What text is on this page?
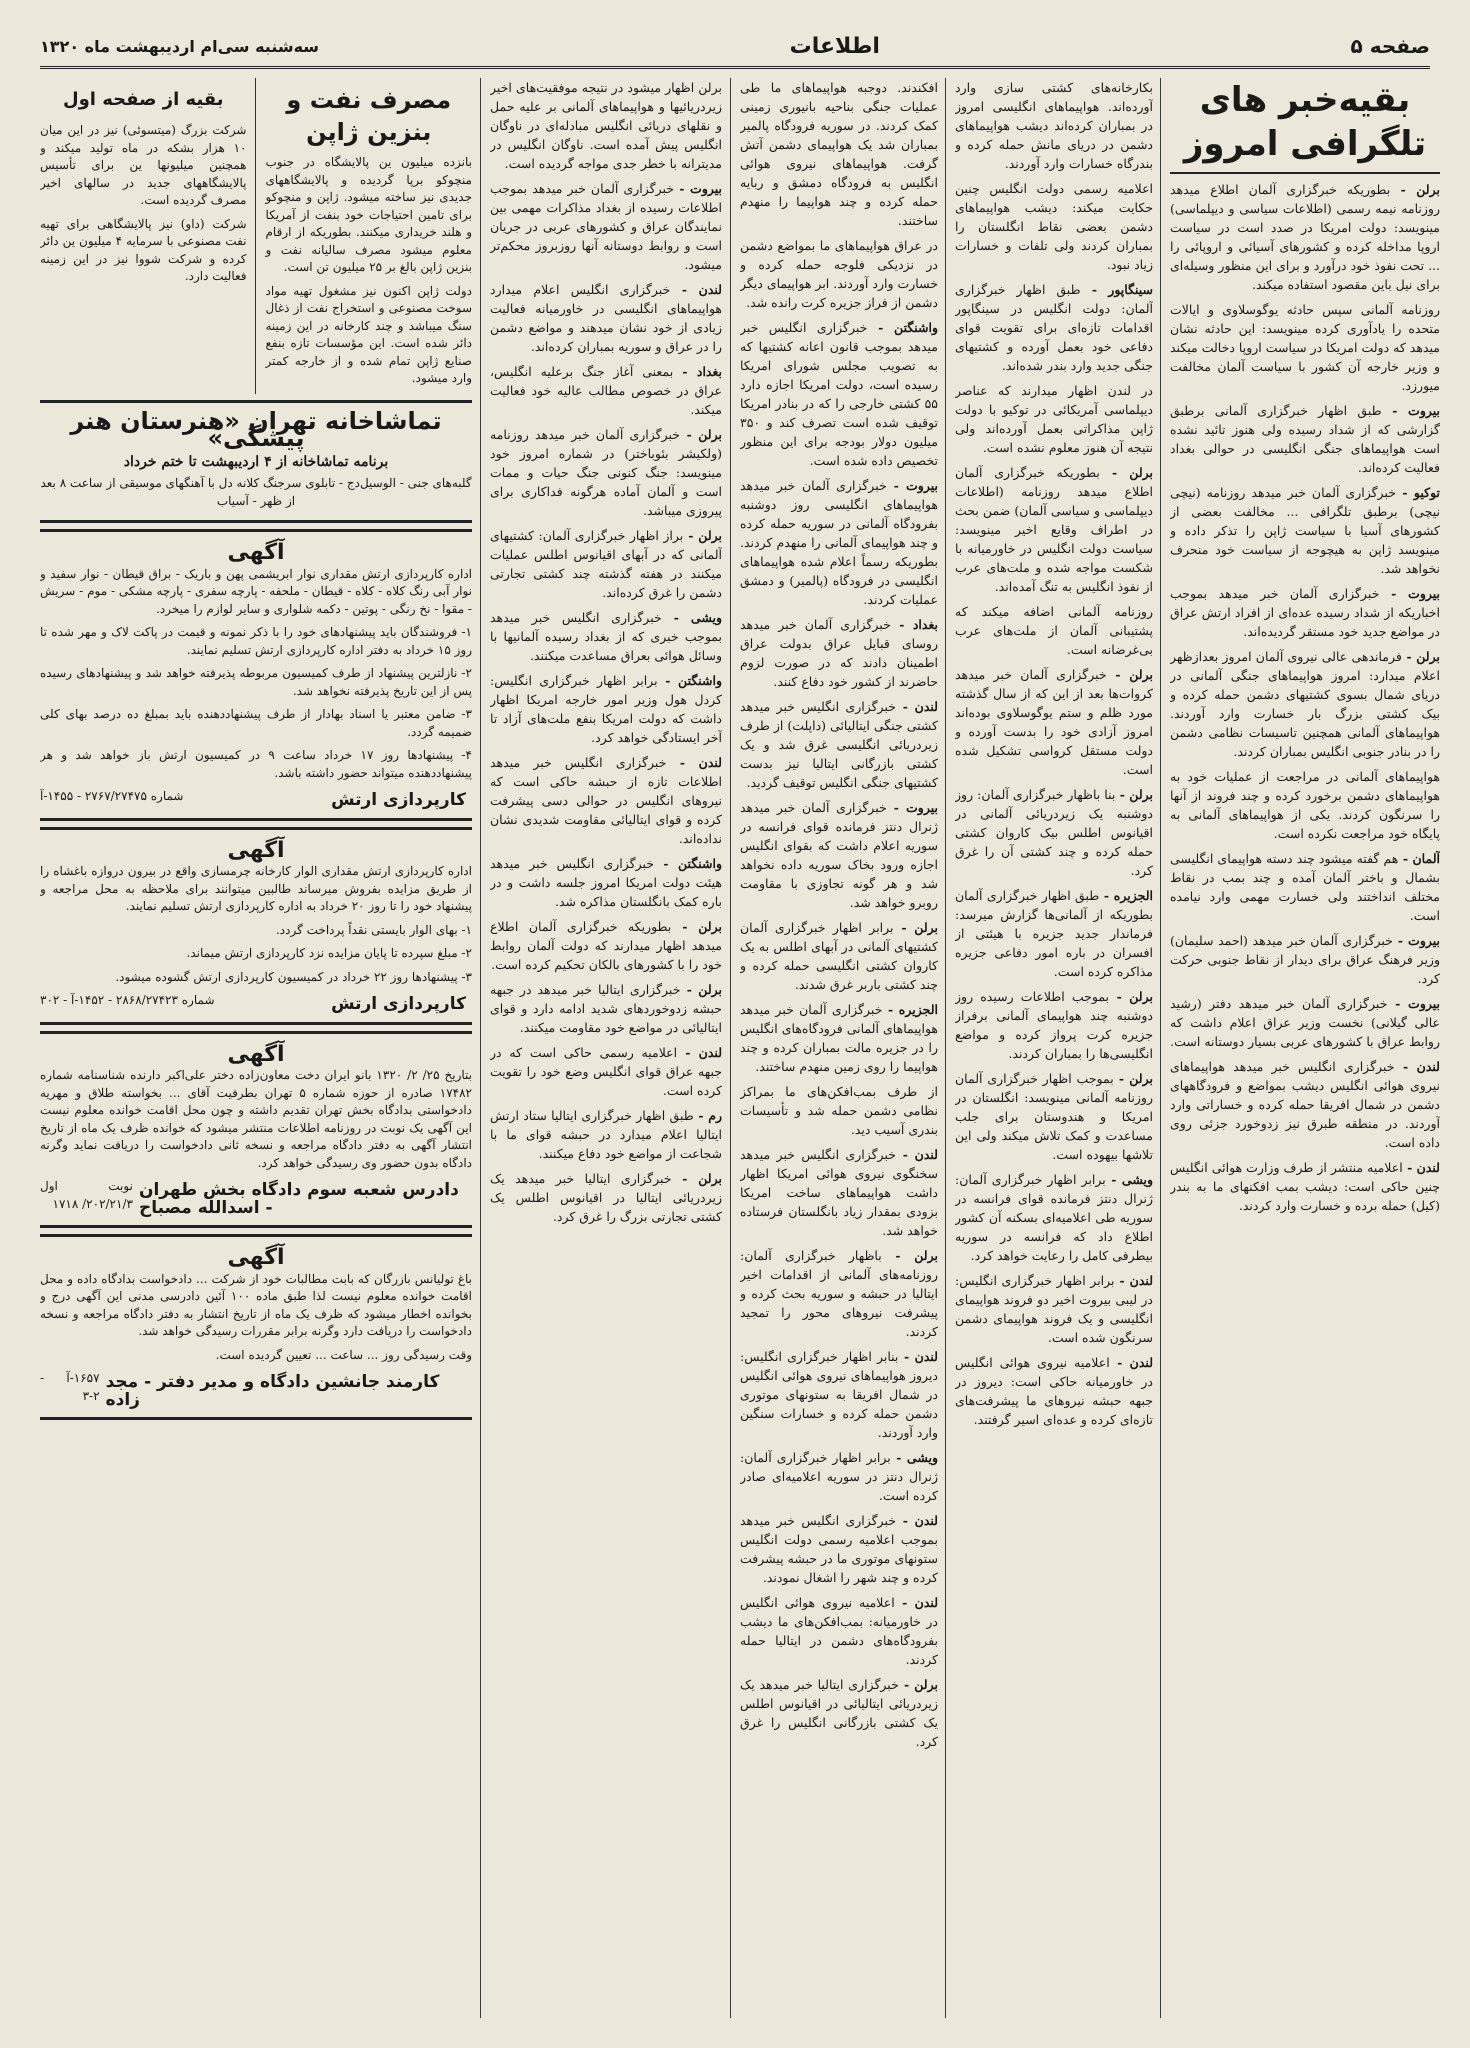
صفحه ۵
اطلاعات
سه‌شنبه سی‌ام اردیبهشت ماه ۱۳۲۰
بقیه‌خبر های تلگرافی امروز

برلن - بطوریکه خبرگزاری آلمان اطلاع میدهد روزنامه نیمه رسمی (اطلاعات سیاسی و دیپلماسی) مینویسد: دولت امریکا در صدد است در سیاست اروپا مداخله کرده و کشورهای آسیائی و اروپائی را ... تحت نفوذ خود درآورد و برای این منظور وسیله‌ای برای نیل باین مقصود استفاده میکند.

روزنامه آلمانی سپس حادثه یوگوسلاوی و ایالات متحده را یادآوری کرده مینویسد: این حادثه نشان میدهد که دولت امریکا در سیاست اروپا دخالت میکند و وزیر خارجه آن کشور با سیاست آلمان مخالفت میورزد.

بیروت - طبق اظهار خبرگزاری آلمانی برطبق گزارشی که از شداد رسیده ولی هنوز تائید نشده است هواپیماهای جنگی انگلیسی در حوالی بغداد فعالیت کرده‌اند.

توکیو - خبرگزاری آلمان خبر میدهد روزنامه (نیچی نیچی) برطبق تلگرافی ... مخالفت بعضی از کشورهای آسیا با سیاست ژاپن را تذکر داده و مینویسد ژاپن به هیچوجه از سیاست خود منحرف نخواهد شد.

بیروت - خبرگزاری آلمان خبر میدهد بموجب اخباریکه از شداد رسیده عده‌ای از افراد ارتش عراق در مواضع جدید خود مستقر گردیده‌اند.

برلن - فرماندهی عالی نیروی آلمان امروز بعدازظهر اعلام میدارد: امروز هواپیماهای جنگی آلمانی در دریای شمال بسوی کشتیهای دشمن حمله کرده و بیک کشتی بزرگ بار خسارت وارد آوردند. هواپیماهای آلمانی همچنین تاسیسات نظامی دشمن را در بنادر جنوبی انگلیس بمباران کردند.

هواپیماهای آلمانی در مراجعت از عملیات خود به هواپیماهای دشمن برخورد کرده و چند فروند از آنها را سرنگون کردند. یکی از هواپیماهای آلمانی به پایگاه خود مراجعت نکرده است.

آلمان - هم گفته میشود چند دسته هواپیمای انگلیسی بشمال و باختر آلمان آمده و چند بمب در نقاط مختلف انداختند ولی خسارت مهمی وارد نیامده است.

بیروت - خبرگزاری آلمان خبر میدهد (احمد سلیمان) وزیر فرهنگ عراق برای دیدار از نقاط جنوبی حرکت کرد.

بیروت - خبرگزاری آلمان خبر میدهد دفتر (رشید عالی گیلانی) نخست وزیر عراق اعلام داشت که روابط عراق با کشورهای عربی بسیار دوستانه است.

لندن - خبرگزاری انگلیس خبر میدهد هواپیماهای نیروی هوائی انگلیس دیشب بمواضع و فرودگاههای دشمن در شمال افریقا حمله کرده و خساراتی وارد آوردند. در منطقه طبرق نیز زدوخورد جزئی روی داده است.

لندن - اعلامیه منتشر از طرف وزارت هوائی انگلیس چنین حاکی است: دیشب بمب افکنهای ما به بندر (کیل) حمله برده و خسارت وارد کردند.

بکارخانه‌های کشتی سازی وارد آورده‌اند. هواپیماهای انگلیسی امروز در بمباران کرده‌اند دیشب هواپیماهای دشمن در دریای مانش حمله کرده و بندرگاه خسارات وارد آوردند.

اعلامیه رسمی دولت انگلیس چنین حکایت میکند: دیشب هواپیماهای دشمن بعضی نقاط انگلستان را بمباران کردند ولی تلفات و خسارات زیاد نبود.

سینگاپور - طبق اظهار خبرگزاری آلمان: دولت انگلیس در سینگاپور اقدامات تازه‌ای برای تقویت قوای دفاعی خود بعمل آورده و کشتیهای جنگی جدید وارد بندر شده‌اند.

در لندن اظهار میدارند که عناصر دیپلماسی آمریکائی در توکیو با دولت ژاپن مذاکراتی بعمل آورده‌اند ولی نتیجه آن هنوز معلوم نشده است.

برلن - بطوریکه خبرگزاری آلمان اطلاع میدهد روزنامه (اطلاعات دیپلماسی و سیاسی آلمان) ضمن بحث در اطراف وقایع اخیر مینویسد: سیاست دولت انگلیس در خاورمیانه با شکست مواجه شده و ملت‌های عرب از نفوذ انگلیس به تنگ آمده‌اند.

روزنامه آلمانی اضافه میکند که پشتیبانی آلمان از ملت‌های عرب بی‌غرضانه است.

برلن - خبرگزاری آلمان خبر میدهد کروات‌ها بعد از این که از سال گذشته مورد ظلم و ستم یوگوسلاوی بوده‌اند امروز آزادی خود را بدست آورده و دولت مستقل کرواسی تشکیل شده است.

برلن - بنا باظهار خبرگزاری آلمان: روز دوشنبه یک زیردریائی آلمانی در اقیانوس اطلس بیک کاروان کشتی حمله کرده و چند کشتی آن را غرق کرد.

الجزیره - طبق اظهار خبرگزاری آلمان بطوریکه از آلمانی‌ها گزارش میرسد: فرماندار جدید جزیره با هیئتی از افسران در باره امور دفاعی جزیره مذاکره کرده است.

برلن - بموجب اطلاعات رسیده روز دوشنبه چند هواپیمای آلمانی برفراز جزیره کرت پرواز کرده و مواضع انگلیسی‌ها را بمباران کردند.

برلن - بموجب اظهار خبرگزاری آلمان روزنامه آلمانی مینویسد: انگلستان در امریکا و هندوستان برای جلب مساعدت و کمک تلاش میکند ولی این تلاشها بیهوده است.

ویشی - برابر اظهار خبرگزاری آلمان: ژنرال دنتز فرمانده قوای فرانسه در سوریه طی اعلامیه‌ای بسکنه آن کشور اطلاع داد که فرانسه در سوریه بیطرفی کامل را رعایت خواهد کرد.

لندن - برابر اظهار خبرگزاری انگلیس: در لیبی بیروت اخیر دو فروند هواپیمای انگلیسی و یک فروند هواپیمای دشمن سرنگون شده است.

لندن - اعلامیه نیروی هوائی انگلیس در خاورمیانه حاکی است: دیروز در جبهه حبشه نیروهای ما پیشرفت‌های تازه‌ای کرده و عده‌ای اسیر گرفتند.

افکندند. دوجبه هواپیماهای ما طی عملیات جنگی بناحیه بانیوری زمینی کمک کردند. در سوریه فرودگاه پالمیر بمباران شد یک هواپیمای دشمن آتش گرفت. هواپیماهای نیروی هوائی انگلیس به فرودگاه دمشق و ربایه حمله کرده و چند هواپیما را منهدم ساختند.

در عراق هواپیماهای ما بمواضع دشمن در نزدیکی فلوجه حمله کرده و خسارت وارد آوردند. ابر هواپیمای دیگر دشمن از فراز جزیره کرت رانده شد.

واشنگتن - خبرگزاری انگلیس خبر میدهد بموجب قانون اعانه کشتیها که به تصویب مجلس شورای امریکا رسیده است، دولت امریکا اجازه دارد ۵۵ کشتی خارجی را که در بنادر امریکا توقیف شده است تصرف کند و ۳۵۰ میلیون دولار بودجه برای این منظور تخصیص داده شده است.

بیروت - خبرگزاری آلمان خبر میدهد هواپیماهای انگلیسی روز دوشنبه بفرودگاه آلمانی در سوریه حمله کرده و چند هواپیمای آلمانی را منهدم کردند. بطوریکه رسماً اعلام شده هواپیماهای انگلیسی در فرودگاه (پالمیر) و دمشق عملیات کردند.

بغداد - خبرگزاری آلمان خبر میدهد روسای قبایل عراق بدولت عراق اطمینان دادند که در صورت لزوم حاضرند از کشور خود دفاع کنند.

لندن - خبرگزاری انگلیس خبر میدهد کشتی جنگی ایتالیائی (داپلت) از طرف زیردریائی انگلیسی غرق شد و یک کشتی بازرگانی ایتالیا نیز بدست کشتیهای جنگی انگلیس توقیف گردید.

بیروت - خبرگزاری آلمان خبر میدهد ژنرال دنتز فرمانده قوای فرانسه در سوریه اعلام داشت که بقوای انگلیس اجازه ورود بخاک سوریه داده نخواهد شد و هر گونه تجاوزی با مقاومت روبرو خواهد شد.

برلن - برابر اظهار خبرگزاری آلمان کشتیهای آلمانی در آبهای اطلس به یک کاروان کشتی انگلیسی حمله کرده و چند کشتی باربر غرق شدند.

الجزیره - خبرگزاری آلمان خبر میدهد هواپیماهای آلمانی فرودگاه‌های انگلیس را در جزیره مالت بمباران کرده و چند هواپیما را روی زمین منهدم ساختند.

از طرف بمب‌افکن‌های ما بمراکز نظامی دشمن حمله شد و تأسیسات بندری آسیب دید.

لندن - خبرگزاری انگلیس خبر میدهد سخنگوی نیروی هوائی امریکا اظهار داشت هواپیماهای ساخت امریکا بزودی بمقدار زیاد بانگلستان فرستاده خواهد شد.

برلن - باظهار خبرگزاری آلمان: روزنامه‌های آلمانی از اقدامات اخیر ایتالیا در حبشه و سوریه بحث کرده و پیشرفت نیروهای محور را تمجید کردند.

لندن - بنابر اظهار خبرگزاری انگلیس: دیروز هواپیماهای نیروی هوائی انگلیس در شمال افریقا به ستونهای موتوری دشمن حمله کرده و خسارات سنگین وارد آوردند.

ویشی - برابر اظهار خبرگزاری آلمان: ژنرال دنتز در سوریه اعلامیه‌ای صادر کرده است.

لندن - خبرگزاری انگلیس خبر میدهد بموجب اعلامیه رسمی دولت انگلیس ستونهای موتوری ما در حبشه پیشرفت کرده و چند شهر را اشغال نمودند.

لندن - اعلامیه نیروی هوائی انگلیس در خاورمیانه: بمب‌افکن‌های ما دیشب بفرودگاه‌های دشمن در ایتالیا حمله کردند.

برلن - خبرگزاری ایتالیا خبر میدهد یک زیردریائی ایتالیائی در اقیانوس اطلس یک کشتی بازرگانی انگلیس را غرق کرد.

برلن اظهار میشود در نتیجه موفقیت‌های اخیر زیردریائیها و هواپیماهای آلمانی بر علیه حمل و نقلهای دریائی انگلیس مبادله‌ای در ناوگان انگلیس پیش آمده است. ناوگان انگلیس در مدیترانه با خطر جدی مواجه گردیده است.

بیروت - خبرگزاری آلمان خبر میدهد بموجب اطلاعات رسیده از بغداد مذاکرات مهمی بین نمایندگان عراق و کشورهای عربی در جریان است و روابط دوستانه آنها روزبروز محکم‌تر میشود.

لندن - خبرگزاری انگلیس اعلام میدارد هواپیماهای انگلیسی در خاورمیانه فعالیت زیادی از خود نشان میدهند و مواضع دشمن را در عراق و سوریه بمباران کرده‌اند.

بغداد - بمعنی آغاز جنگ برعلیه انگلیس، عراق در خصوص مطالب عالیه خود فعالیت میکند.

برلن - خبرگزاری آلمان خبر میدهد روزنامه (ولکیشر بئوباختر) در شماره امروز خود مینویسد: جنگ کنونی جنگ حیات و ممات است و آلمان آماده هرگونه فداکاری برای پیروزی میباشد.

برلن - براز اظهار خبرگزاری آلمان: کشتیهای آلمانی که در آبهای اقیانوس اطلس عملیات میکنند در هفته گذشته چند کشتی تجارتی دشمن را غرق کرده‌اند.

ویشی - خبرگزاری انگلیس خبر میدهد بموجب خبری که از بغداد رسیده آلمانیها با وسائل هوائی بعراق مساعدت میکنند.

واشنگتن - برابر اظهار خبرگزاری انگلیس: کردل هول وزیر امور خارجه امریکا اظهار داشت که دولت امریکا بنفع ملت‌های آزاد تا آخر ایستادگی خواهد کرد.

لندن - خبرگزاری انگلیس خبر میدهد اطلاعات تازه از حبشه حاکی است که نیروهای انگلیس در حوالی دسی پیشرفت کرده و قوای ایتالیائی مقاومت شدیدی نشان نداده‌اند.

واشنگتن - خبرگزاری انگلیس خبر میدهد هیئت دولت امریکا امروز جلسه داشت و در باره کمک بانگلستان مذاکره شد.

برلن - بطوریکه خبرگزاری آلمان اطلاع میدهد اظهار میدارند که دولت آلمان روابط خود را با کشورهای بالکان تحکیم کرده است.

برلن - خبرگزاری ایتالیا خبر میدهد در جبهه حبشه زدوخوردهای شدید ادامه دارد و قوای ایتالیائی در مواضع خود مقاومت میکنند.

لندن - اعلامیه رسمی حاکی است که در جبهه عراق قوای انگلیس وضع خود را تقویت کرده است.

رم - طبق اظهار خبرگزاری ایتالیا ستاد ارتش ایتالیا اعلام میدارد در حبشه قوای ما با شجاعت از مواضع خود دفاع میکنند.

برلن - خبرگزاری ایتالیا خبر میدهد یک زیردریائی ایتالیا در اقیانوس اطلس یک کشتی تجارتی بزرگ را غرق کرد.

مصرف نفت و بنزین ژاپن

بانزده میلیون ین پالایشگاه در جنوب منچوکو برپا گردیده و پالایشگاههای جدیدی نیز ساخته میشود. ژاپن و منچوکو برای تامین احتیاجات خود بنفت از آمریکا و هلند خریداری میکنند. بطوریکه از ارقام معلوم میشود مصرف سالیانه نفت و بنزین ژاپن بالغ بر ۲۵ میلیون تن است.

دولت ژاپن اکنون نیز مشغول تهیه مواد سوخت مصنوعی و استخراج نفت از ذغال سنگ میباشد و چند کارخانه در این زمینه دائر شده است. این مؤسسات تازه بنفع صنایع ژاپن تمام شده و از خارجه کمتر وارد میشود.

بقیه از صفحه اول

شرکت بزرگ (میتسوئی) نیز در این میان ۱۰ هزار بشکه در ماه تولید میکند و همچنین میلیونها ین برای تأسیس پالایشگاههای جدید در سالهای اخیر مصرف گردیده است.

شرکت (داو) نیز پالایشگاهی برای تهیه نفت مصنوعی با سرمایه ۴ میلیون ین دائر کرده و شرکت شووا نیز در این زمینه فعالیت دارد.

تماشاخانه تهران «هنرستان هنر پیشگی»
برنامه تماشاخانه از ۴ اردیبهشت تا ختم خرداد
گلبه‌های جنی - الوسیل‌دج - تابلوی سرجنگ کلانه دل با آهنگهای موسیقی از ساعت ۸ بعد از ظهر - آسیاب
آگهی

اداره کارپردازی ارتش مقداری نوار ابریشمی پهن و باریک - براق قیطان - نوار سفید و نوار آبی رنگ کلاه - کلاه - قیطان - ملحفه - پارچه سفری - پارچه مشکی - موم - سریش - مقوا - نخ رنگی - پوتین - دکمه شلواری و سایر لوازم را میخرد.

۱- فروشندگان باید پیشنهادهای خود را با ذکر نمونه و قیمت در پاکت لاک و مهر شده تا روز ۱۵ خرداد به دفتر اداره کارپردازی ارتش تسلیم نمایند.

۲- نازلترین پیشنهاد از طرف کمیسیون مربوطه پذیرفته خواهد شد و پیشنهادهای رسیده پس از این تاریخ پذیرفته نخواهد شد.

۳- ضامن معتبر یا اسناد بهادار از طرف پیشنهاددهنده باید بمبلغ ده درصد بهای کلی ضمیمه گردد.

۴- پیشنهادها روز ۱۷ خرداد ساعت ۹ در کمیسیون ارتش باز خواهد شد و هر پیشنهاددهنده میتواند حضور داشته باشد.

کارپردازی ارتش
شماره ۲۷۶۷/۲۷۴۷۵ - ۱۴۵۵-آ
آگهی

اداره کارپردازی ارتش مقداری الوار کارخانه چرمسازی واقع در بیرون دروازه باغشاه را از طریق مزایده بفروش میرساند طالبین میتوانند برای ملاحظه به محل مراجعه و پیشنهاد خود را تا روز ۲۰ خرداد به اداره کارپردازی ارتش تسلیم نمایند.

۱- بهای الوار بایستی نقداً پرداخت گردد.

۲- مبلغ سپرده تا پایان مزایده نزد کارپردازی ارتش میماند.

۳- پیشنهادها روز ۲۲ خرداد در کمیسیون کارپردازی ارتش گشوده میشود.

کارپردازی ارتش
شماره ۲۸۶۸/۲۷۴۲۳ - ۱۴۵۲-آ - ۳۰۲
آگهی

بتاریخ ۲۵/ ۲/ ۱۳۲۰ بانو ایران دخت معاون‌زاده دختر علی‌اکبر دارنده شناسنامه شماره ۱۷۴۸۲ صادره از حوزه شماره ۵ تهران بطرفیت آقای ... بخواسته طلاق و مهریه دادخواستی بدادگاه بخش تهران تقدیم داشته و چون محل اقامت خوانده معلوم نیست این آگهی یک نوبت در روزنامه اطلاعات منتشر میشود که خوانده ظرف یک ماه از تاریخ انتشار آگهی به دفتر دادگاه مراجعه و نسخه ثانی دادخواست را دریافت نماید وگرنه دادگاه بدون حضور وی رسیدگی خواهد کرد.

دادرس شعبه سوم دادگاه بخش طهران - اسدالله مصباح
نوبت اول ۲۰۲/۲۱/۳/ ۱۷۱۸
آگهی

باغ تولیانس بازرگان که بابت مطالبات خود از شرکت ... دادخواست بدادگاه داده و محل اقامت خوانده معلوم نیست لذا طبق ماده ۱۰۰ آئین دادرسی مدنی این آگهی درج و بخوانده اخطار میشود که ظرف یک ماه از تاریخ انتشار به دفتر دادگاه مراجعه و نسخه دادخواست را دریافت دارد وگرنه برابر مقررات رسیدگی خواهد شد.

وقت رسیدگی روز ... ساعت ... تعیین گردیده است.

کارمند جانشین دادگاه و مدیر دفتر - مجد زاده
۱۶۵۷-آ - ۲-۳
